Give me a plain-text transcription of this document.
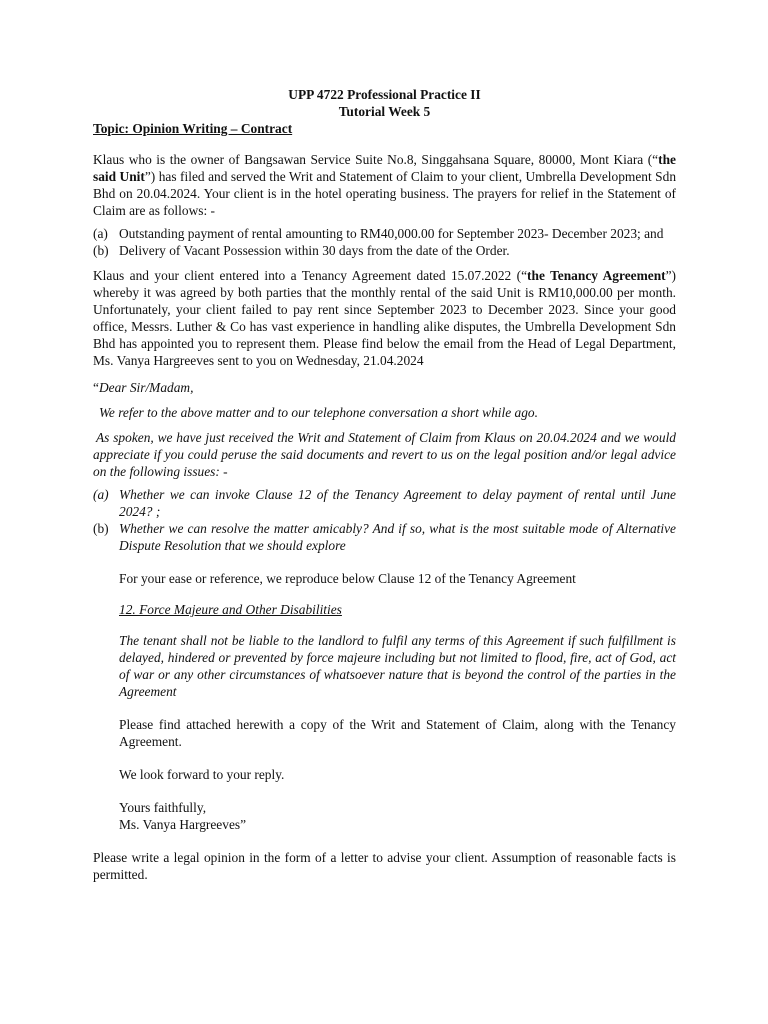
UPP 4722 Professional Practice II

Tutorial Week 5

Topic: Opinion Writing – Contract

Klaus who is the owner of Bangsawan Service Suite No.8, Singgahsana Square, 80000, Mont Kiara (“the said Unit”) has filed and served the Writ and Statement of Claim to your client, Umbrella Development Sdn Bhd on 20.04.2024. Your client is in the hotel operating business. The prayers for relief in the Statement of Claim are as follows: -

(a) Outstanding payment of rental amounting to RM40,000.00 for September 2023- December 2023; and
(b) Delivery of Vacant Possession within 30 days from the date of the Order.

Klaus and your client entered into a Tenancy Agreement dated 15.07.2022 (“the Tenancy Agreement”) whereby it was agreed by both parties that the monthly rental of the said Unit is RM10,000.00 per month. Unfortunately, your client failed to pay rent since September 2023 to December 2023. Since your good office, Messrs. Luther & Co has vast experience in handling alike disputes, the Umbrella Development Sdn Bhd has appointed you to represent them. Please find below the email from the Head of Legal Department, Ms. Vanya Hargreeves sent to you on Wednesday, 21.04.2024

“Dear Sir/Madam,

We refer to the above matter and to our telephone conversation a short while ago.

As spoken, we have just received the Writ and Statement of Claim from Klaus on 20.04.2024 and we would appreciate if you could peruse the said documents and revert to us on the legal position and/or legal advice on the following issues: -

(a) Whether we can invoke Clause 12 of the Tenancy Agreement to delay payment of rental until June 2024? ;
(b) Whether we can resolve the matter amicably? And if so, what is the most suitable mode of Alternative Dispute Resolution that we should explore

For your ease or reference, we reproduce below Clause 12 of the Tenancy Agreement

12. Force Majeure and Other Disabilities

The tenant shall not be liable to the landlord to fulfil any terms of this Agreement if such fulfillment is delayed, hindered or prevented by force majeure including but not limited to flood, fire, act of God, act of war or any other circumstances of whatsoever nature that is beyond the control of the parties in the Agreement

Please find attached herewith a copy of the Writ and Statement of Claim, along with the Tenancy Agreement.

We look forward to your reply.

Yours faithfully,

Ms. Vanya Hargreeves”

Please write a legal opinion in the form of a letter to advise your client. Assumption of reasonable facts is permitted.
